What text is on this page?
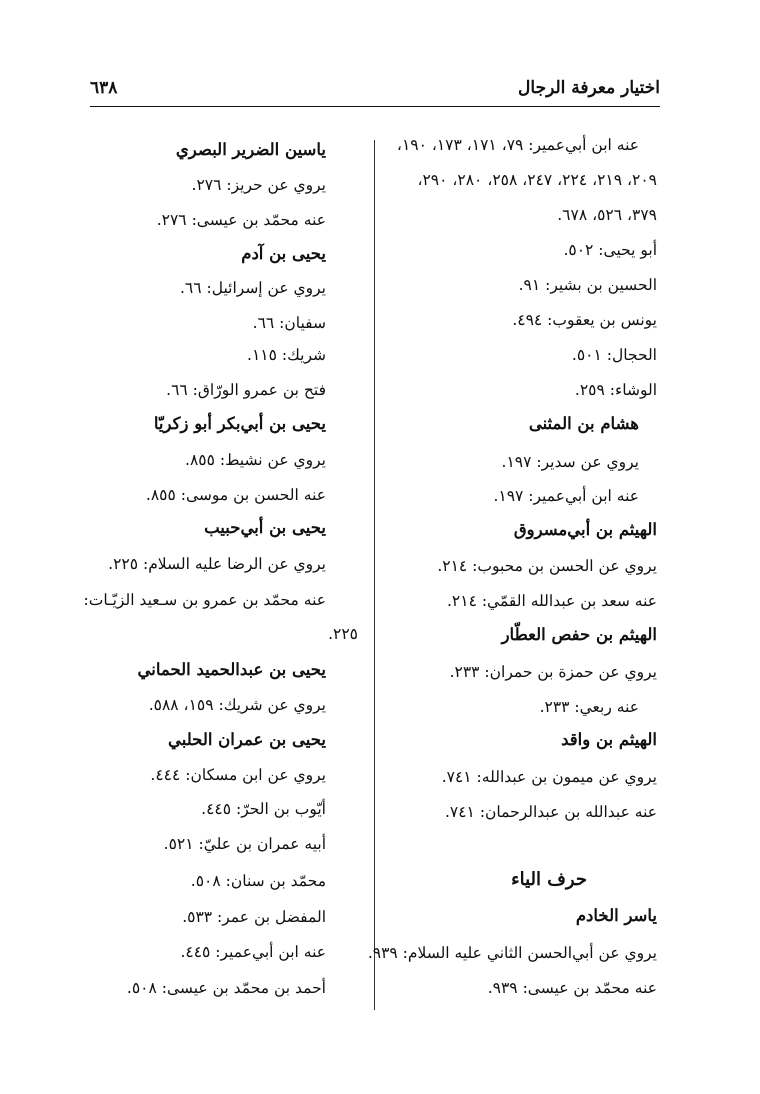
اختيار معرفة الرجال
٦٣٨
عنه ابن أبي‌عمير: ٧٩، ١٧١، ١٧٣، ١٩٠،
٢٠٩، ٢١٩، ٢٢٤، ٢٤٧، ٢٥٨، ٢٨٠، ٢٩٠،
٣٧٩، ٥٢٦، ٦٧٨.
أبو يحيى: ٥٠٢.
الحسين بن بشير: ٩١.
يونس بن يعقوب: ٤٩٤.
الحجال: ٥٠١.
الوشاء: ٢٥٩.
هشام بن المثنى
يروي عن سدير: ١٩٧.
عنه ابن أبي‌عمير: ١٩٧.
الهيثم بن أبي‌مسروق
يروي عن الحسن بن محبوب: ٢١٤.
عنه سعد بن عبدالله القمّي: ٢١٤.
الهيثم بن حفص العطّار
يروي عن حمزة بن حمران: ٢٣٣.
عنه ربعي: ٢٣٣.
الهيثم بن واقد
يروي عن ميمون بن عبدالله: ٧٤١.
عنه عبدالله بن عبدالرحمان: ٧٤١.
حرف الياء
ياسر الخادم
يروي عن أبي‌الحسن الثاني عليه السلام: ٩٣٩.
عنه محمّد بن عيسى: ٩٣٩.
ياسين الضرير البصري
يروي عن حريز: ٢٧٦.
عنه محمّد بن عيسى: ٢٧٦.
يحيى بن آدم
يروي عن إسرائيل: ٦٦.
سفيان: ٦٦.
شريك: ١١٥.
فتح بن عمرو الورّاق: ٦٦.
يحيى بن أبي‌بكر أبو زكريّا
يروي عن نشيط: ٨٥٥.
عنه الحسن بن موسى: ٨٥٥.
يحيى بن أبي‌حبيب
يروي عن الرضا عليه السلام: ٢٢٥.
عنه محمّد بن عمرو بن سـعيد الزيّـات:
٢٢٥.
يحيى بن عبدالحميد الحماني
يروي عن شريك: ١٥٩، ٥٨٨.
يحيى بن عمران الحلبي
يروي عن ابن مسكان: ٤٤٤.
أيّوب بن الحرّ: ٤٤٥.
أبيه عمران بن عليّ: ٥٢١.
محمّد بن سنان: ٥٠٨.
المفضل بن عمر: ٥٣٣.
عنه ابن أبي‌عمير: ٤٤٥.
أحمد بن محمّد بن عيسى: ٥٠٨.
